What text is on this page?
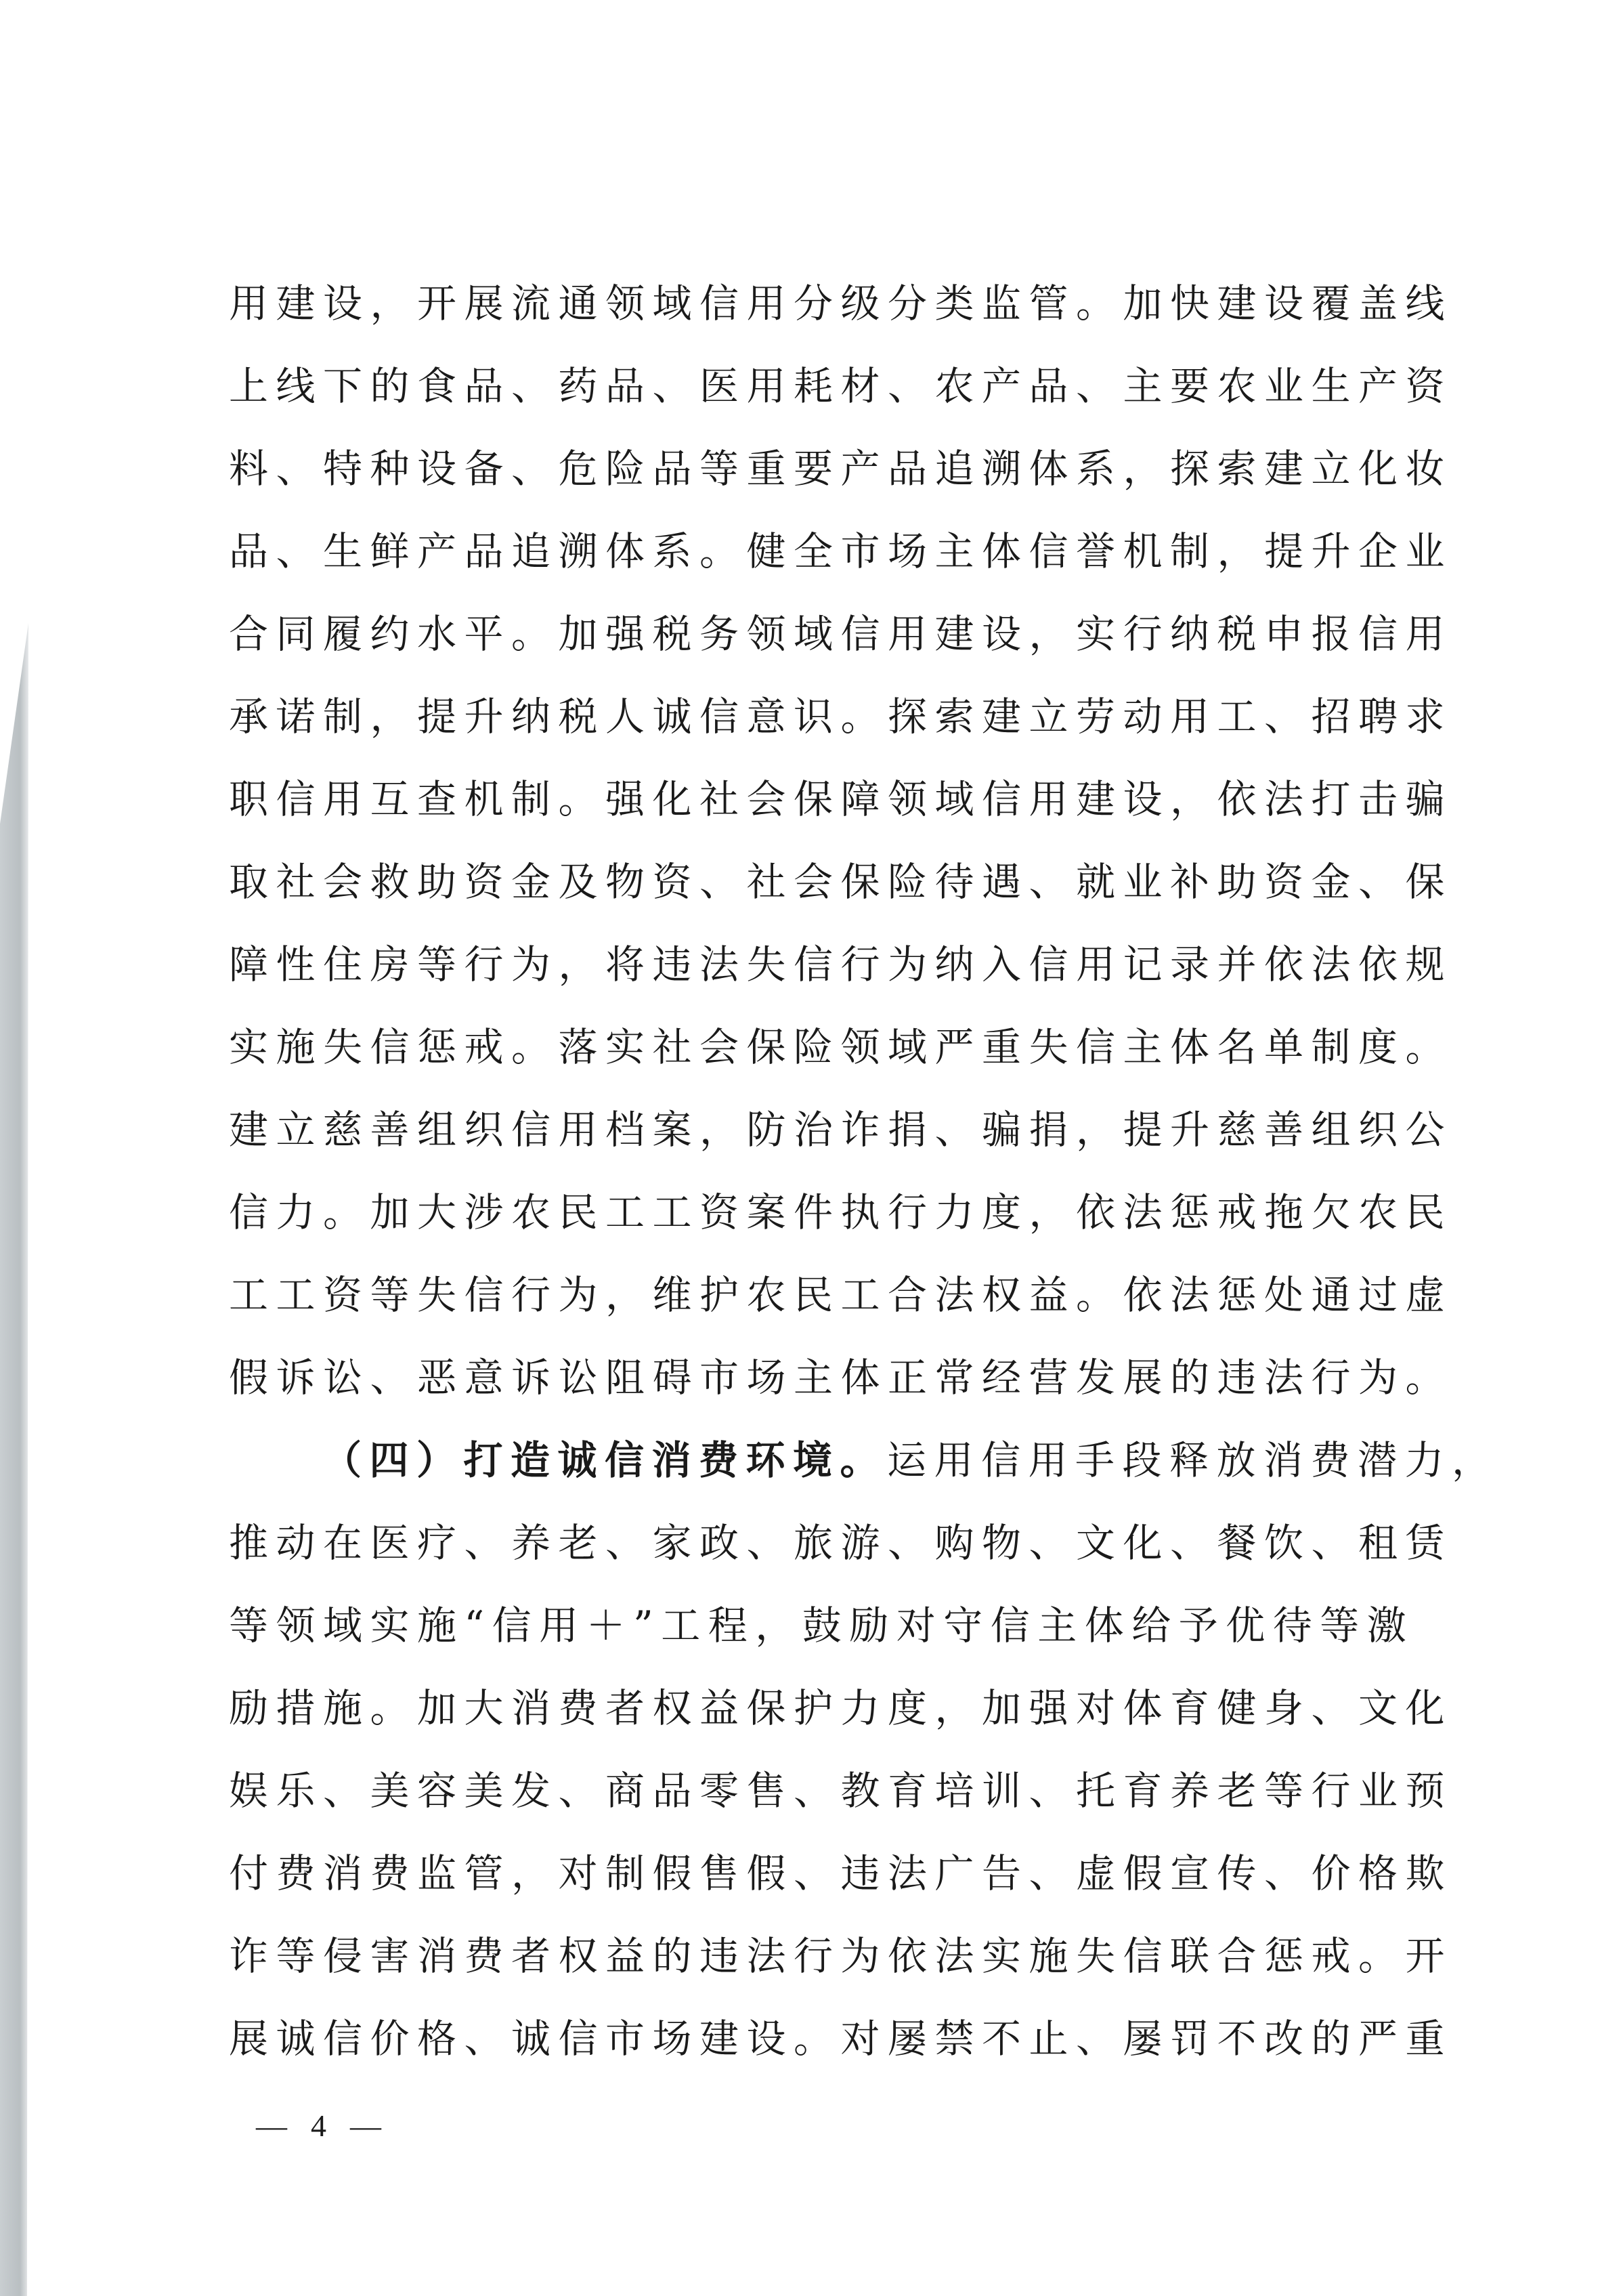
用建设，开展流通领域信用分级分类监管。加快建设覆盖线
上线下的食品、药品、医用耗材、农产品、主要农业生产资
料、特种设备、危险品等重要产品追溯体系，探索建立化妆
品、生鲜产品追溯体系。健全市场主体信誉机制，提升企业
合同履约水平。加强税务领域信用建设，实行纳税申报信用
承诺制，提升纳税人诚信意识。探索建立劳动用工、招聘求
职信用互查机制。强化社会保障领域信用建设，依法打击骗
取社会救助资金及物资、社会保险待遇、就业补助资金、保
障性住房等行为，将违法失信行为纳入信用记录并依法依规
实施失信惩戒。落实社会保险领域严重失信主体名单制度。
建立慈善组织信用档案，防治诈捐、骗捐，提升慈善组织公
信力。加大涉农民工工资案件执行力度，依法惩戒拖欠农民
工工资等失信行为，维护农民工合法权益。依法惩处通过虚
假诉讼、恶意诉讼阻碍市场主体正常经营发展的违法行为。
（四）打造诚信消费环境。运用信用手段释放消费潜力，
推动在医疗、养老、家政、旅游、购物、文化、餐饮、租赁
等领域实施“信用＋”工程，鼓励对守信主体给予优待等激
励措施。加大消费者权益保护力度，加强对体育健身、文化
娱乐、美容美发、商品零售、教育培训、托育养老等行业预
付费消费监管，对制假售假、违法广告、虚假宣传、价格欺
诈等侵害消费者权益的违法行为依法实施失信联合惩戒。开
展诚信价格、诚信市场建设。对屡禁不止、屡罚不改的严重
—  4  —
